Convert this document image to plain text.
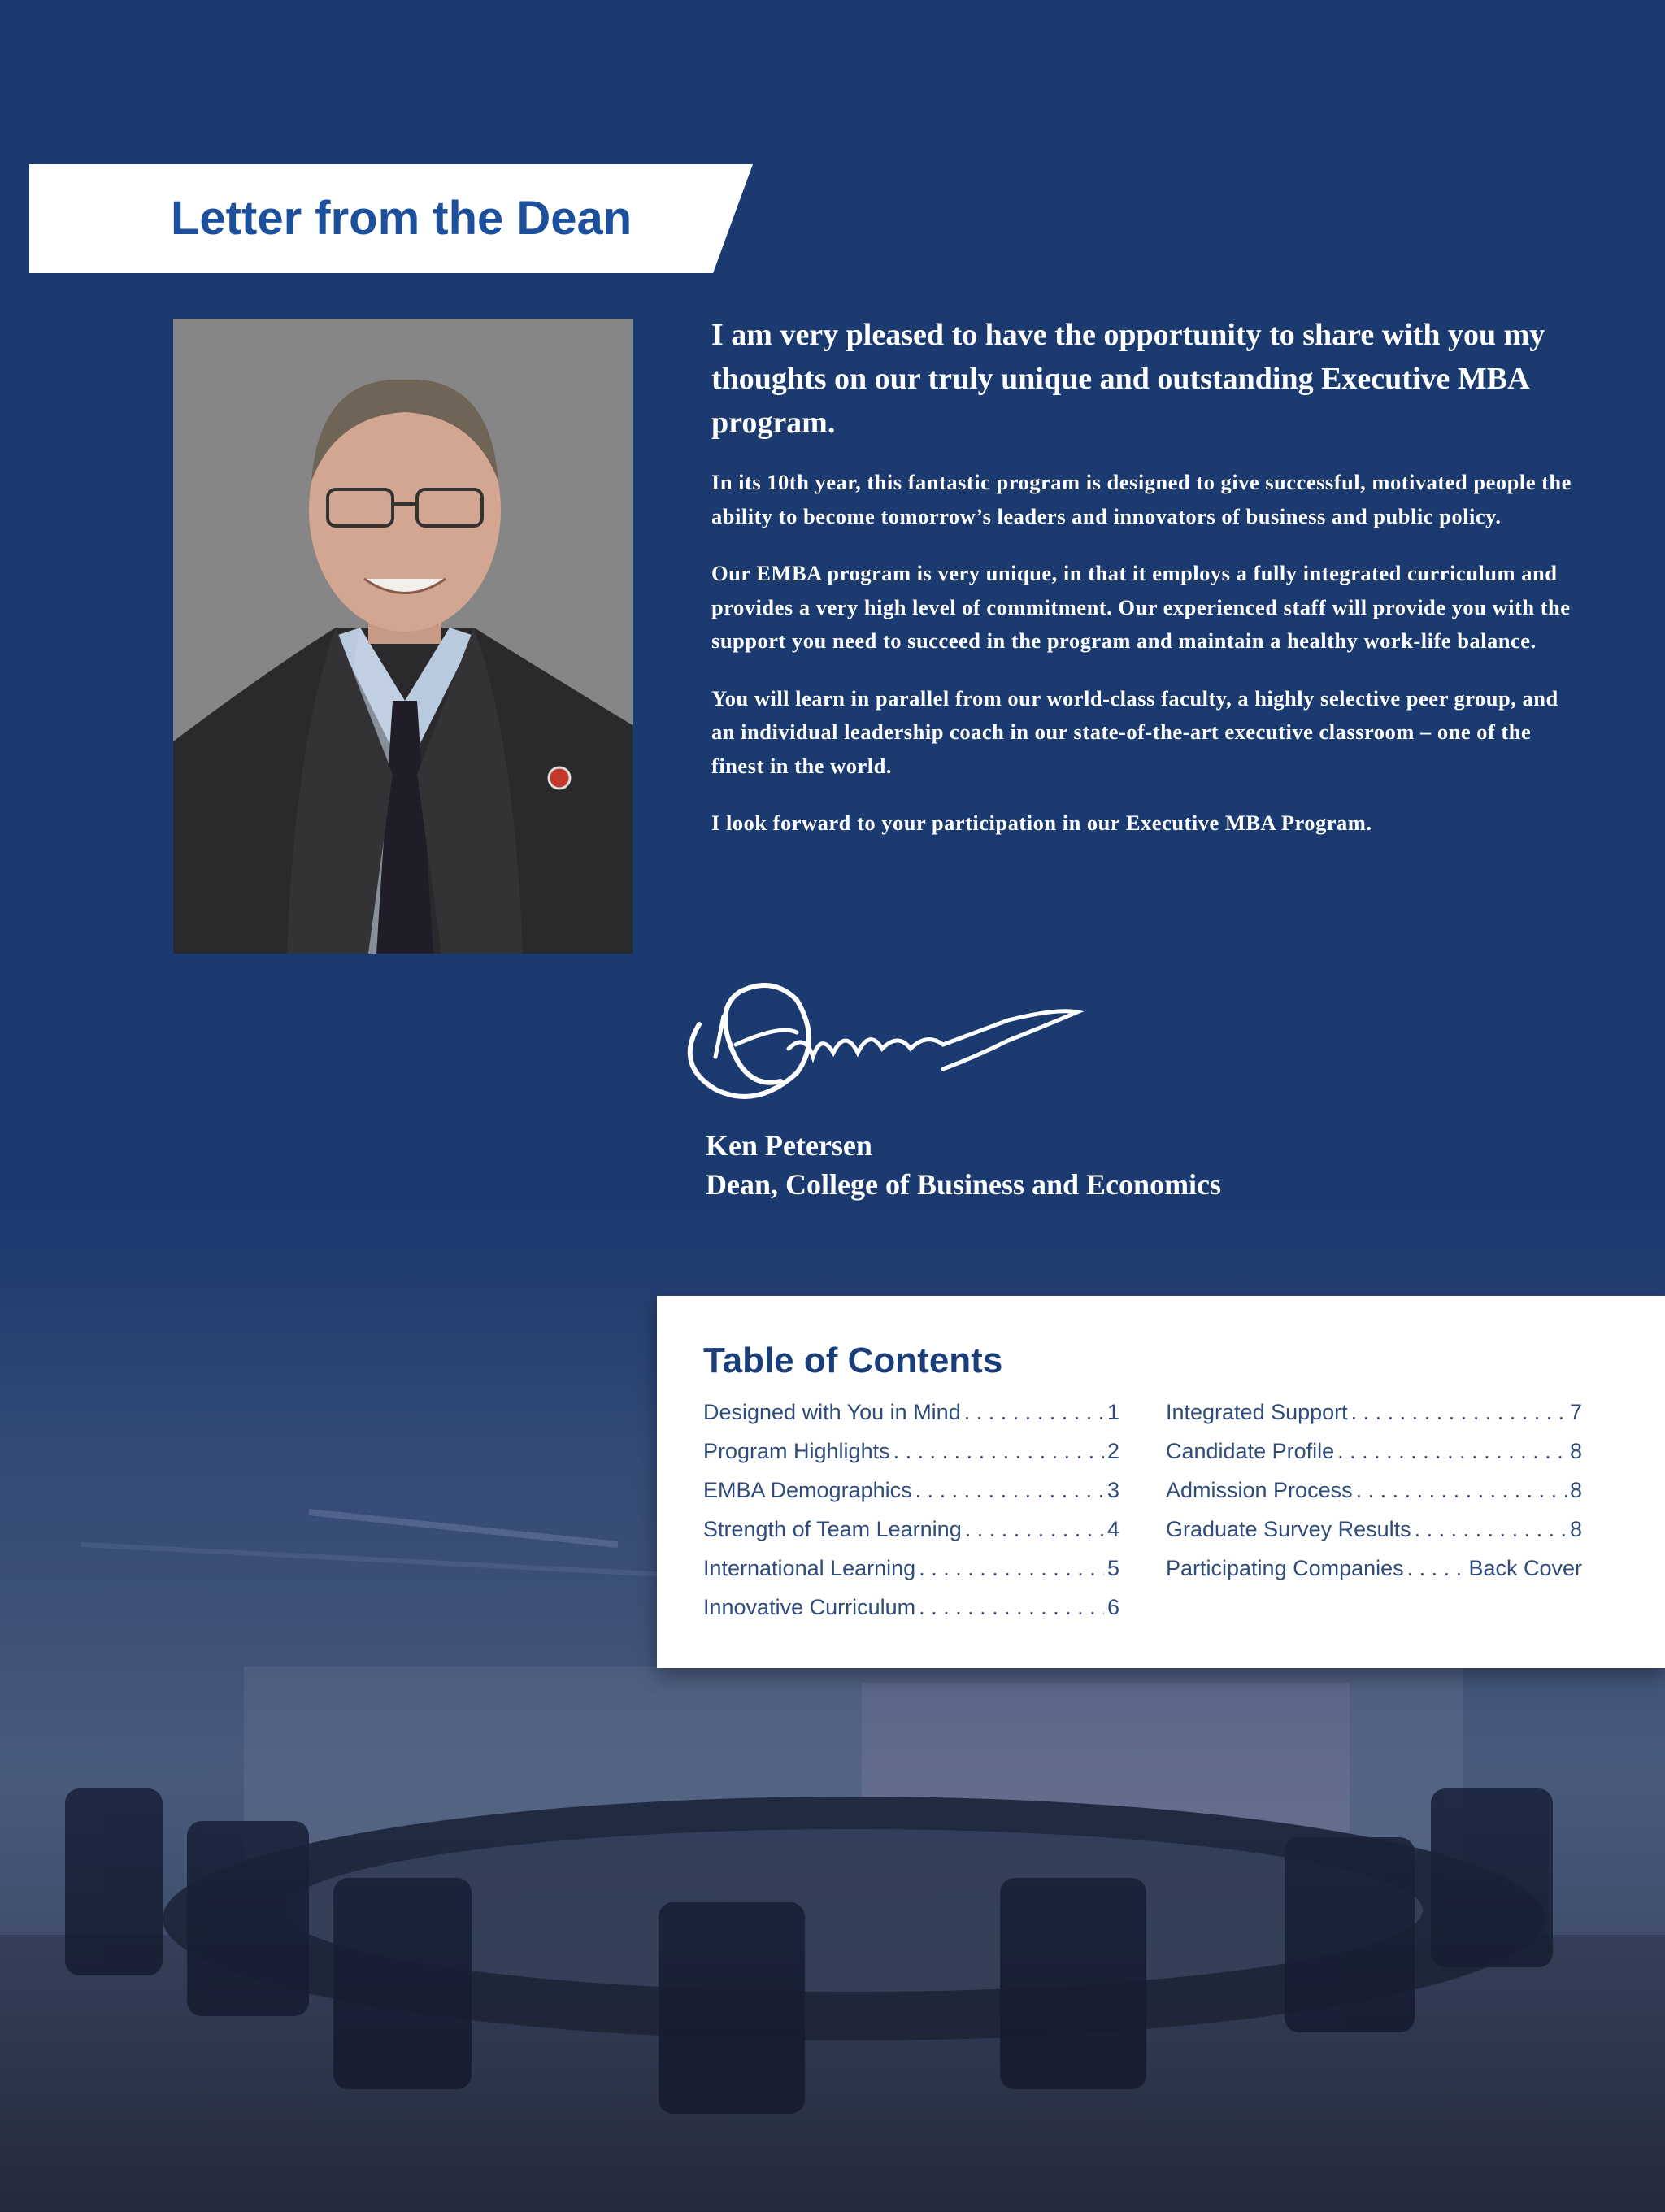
Letter from the Dean

I am very pleased to have the opportunity to share with you my thoughts on our truly unique and outstanding Executive MBA program.

In its 10th year, this fantastic program is designed to give successful, motivated people the ability to become tomorrow’s leaders and innovators of business and public policy.

Our EMBA program is very unique, in that it employs a fully integrated curriculum and provides a very high level of commitment. Our experienced staff will provide you with the support you need to succeed in the program and maintain a healthy work-life balance.

You will learn in parallel from our world-class faculty, a highly selective peer group, and an individual leadership coach in our state-of-the-art executive classroom – one of the finest in the world.

I look forward to your participation in our Executive MBA Program.

Ken Petersen

Dean, College of Business and Economics

Table of Contents
Designed with You in Mind . . .	1
Program Highlights . . .	2
EMBA Demographics . . .	3
Strength of Team Learning . . .	4
International Learning . . .	5
Innovative Curriculum . . .	6
Integrated Support . . .	7
Candidate Profile . . .	8
Admission Process . . .	8
Graduate Survey Results . . .	8
Participating Companies . . .	Back Cover
